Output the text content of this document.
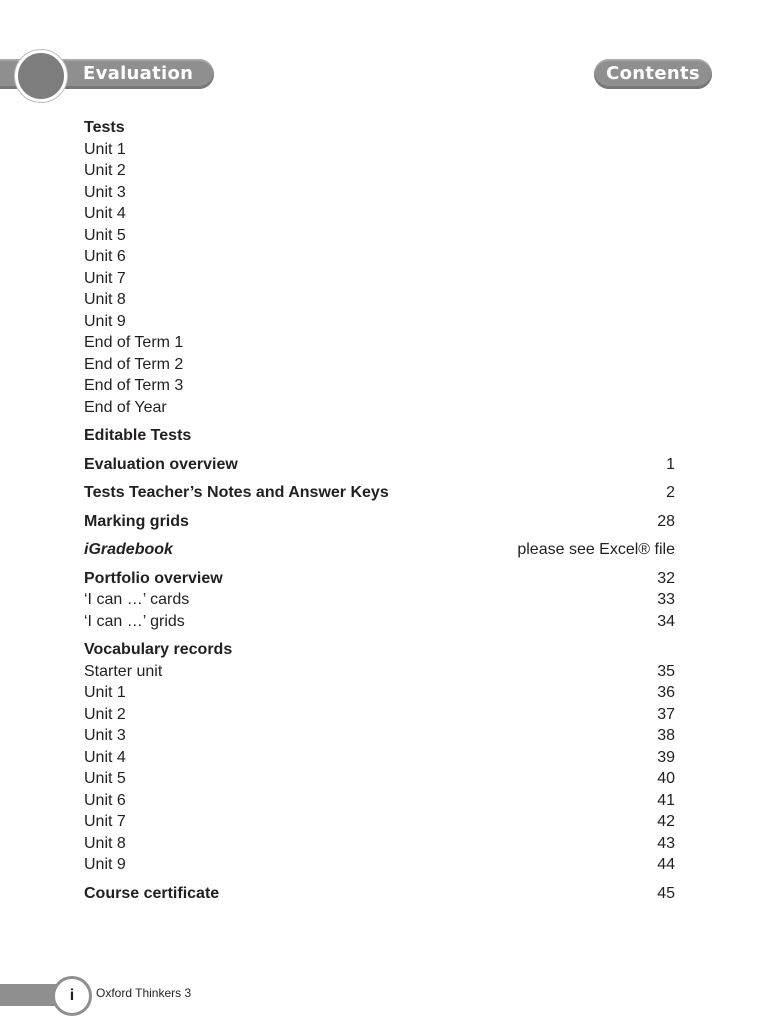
Evaluation	Contents
Tests
Unit 1
Unit 2
Unit 3
Unit 4
Unit 5
Unit 6
Unit 7
Unit 8
Unit 9
End of Term 1
End of Term 2
End of Term 3
End of Year
Editable Tests
Evaluation overview	1
Tests Teacher’s Notes and Answer Keys	2
Marking grids	28
iGradebook	please see Excel® file
Portfolio overview	32
‘I can …’ cards	33
‘I can …’ grids	34
Vocabulary records
Starter unit	35
Unit 1	36
Unit 2	37
Unit 3	38
Unit 4	39
Unit 5	40
Unit 6	41
Unit 7	42
Unit 8	43
Unit 9	44
Course certificate	45
i	Oxford Thinkers 3
